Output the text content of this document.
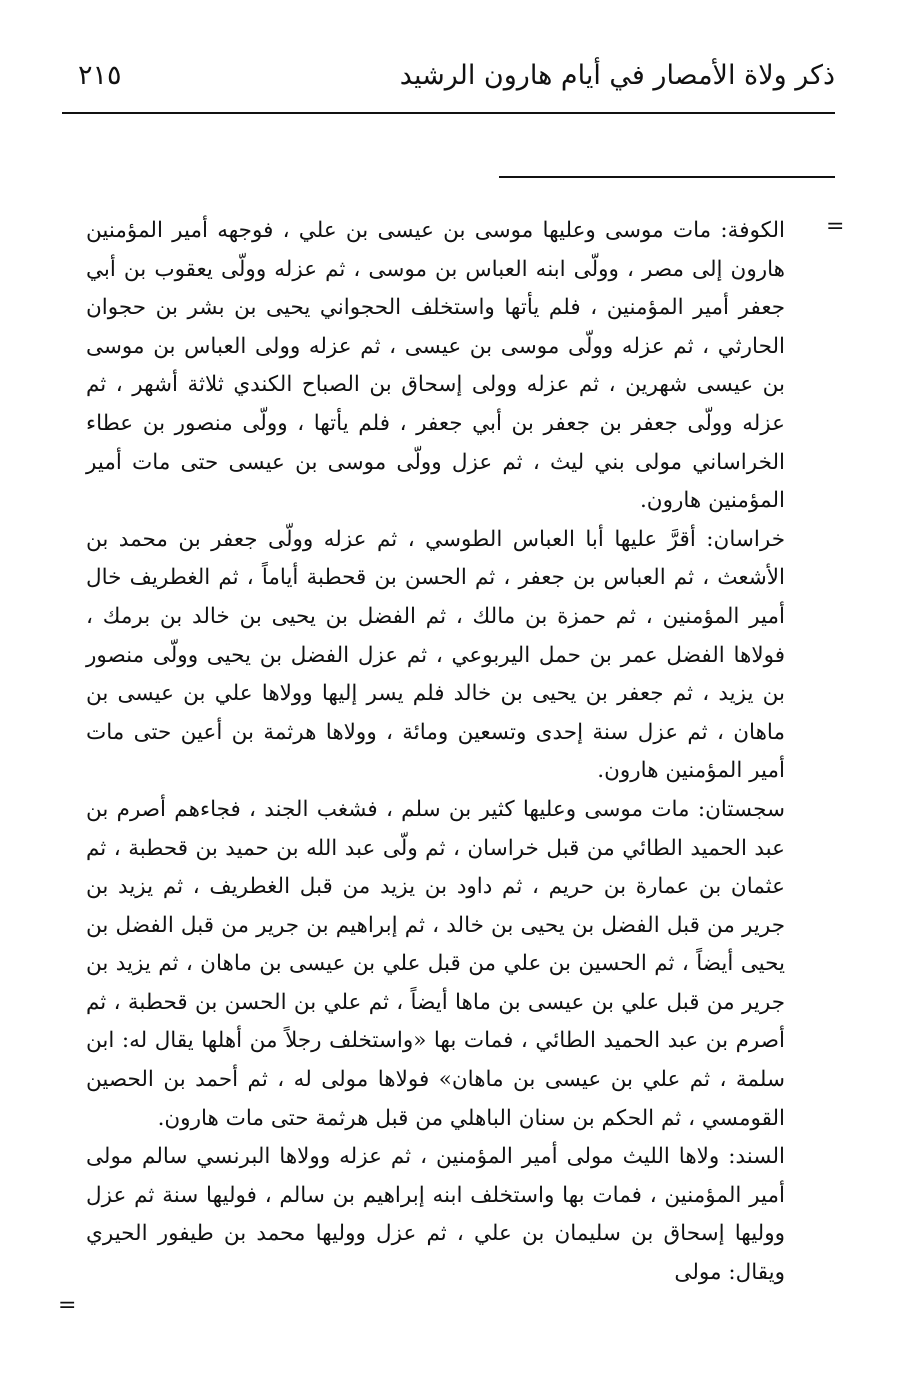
ذكر ولاة الأمصار في أيام هارون الرشيد
٢١٥
=

الكوفة: مات موسى وعليها موسى بن عيسى بن علي ، فوجهه أمير المؤمنين هارون إلى مصر ، وولّى ابنه العباس بن موسى ، ثم عزله وولّى يعقوب بن أبي جعفر أمير المؤمنين ، فلم يأتها واستخلف الحجواني يحيى بن بشر بن حجوان الحارثي ، ثم عزله وولّى موسى بن عيسى ، ثم عزله وولى العباس بن موسى بن عيسى شهرين ، ثم عزله وولى إسحاق بن الصباح الكندي ثلاثة أشهر ، ثم عزله وولّى جعفر بن جعفر بن أبي جعفر ، فلم يأتها ، وولّى منصور بن عطاء الخراساني مولى بني ليث ، ثم عزل وولّى موسى بن عيسى حتى مات أمير المؤمنين هارون.

خراسان: أقرَّ عليها أبا العباس الطوسي ، ثم عزله وولّى جعفر بن محمد بن الأشعث ، ثم العباس بن جعفر ، ثم الحسن بن قحطبة أياماً ، ثم الغطريف خال أمير المؤمنين ، ثم حمزة بن مالك ، ثم الفضل بن يحيى بن خالد بن برمك ، فولاها الفضل عمر بن حمل اليربوعي ، ثم عزل الفضل بن يحيى وولّى منصور بن يزيد ، ثم جعفر بن يحيى بن خالد فلم يسر إليها وولاها علي بن عيسى بن ماهان ، ثم عزل سنة إحدى وتسعين ومائة ، وولاها هرثمة بن أعين حتى مات أمير المؤمنين هارون.

سجستان: مات موسى وعليها كثير بن سلم ، فشغب الجند ، فجاءهم أصرم بن عبد الحميد الطائي من قبل خراسان ، ثم ولّى عبد الله بن حميد بن قحطبة ، ثم عثمان بن عمارة بن حريم ، ثم داود بن يزيد من قبل الغطريف ، ثم يزيد بن جرير من قبل الفضل بن يحيى بن خالد ، ثم إبراهيم بن جرير من قبل الفضل بن يحيى أيضاً ، ثم الحسين بن علي من قبل علي بن عيسى بن ماهان ، ثم يزيد بن جرير من قبل علي بن عيسى بن ماها أيضاً ، ثم علي بن الحسن بن قحطبة ، ثم أصرم بن عبد الحميد الطائي ، فمات بها «واستخلف رجلاً من أهلها يقال له: ابن سلمة ، ثم علي بن عيسى بن ماهان» فولاها مولى له ، ثم أحمد بن الحصين القومسي ، ثم الحكم بن سنان الباهلي من قبل هرثمة حتى مات هارون.

السند: ولاها الليث مولى أمير المؤمنين ، ثم عزله وولاها البرنسي سالم مولى أمير المؤمنين ، فمات بها واستخلف ابنه إبراهيم بن سالم ، فوليها سنة ثم عزل ووليها إسحاق بن سليمان بن علي ، ثم عزل ووليها محمد بن طيفور الحيري ويقال: مولى

=
